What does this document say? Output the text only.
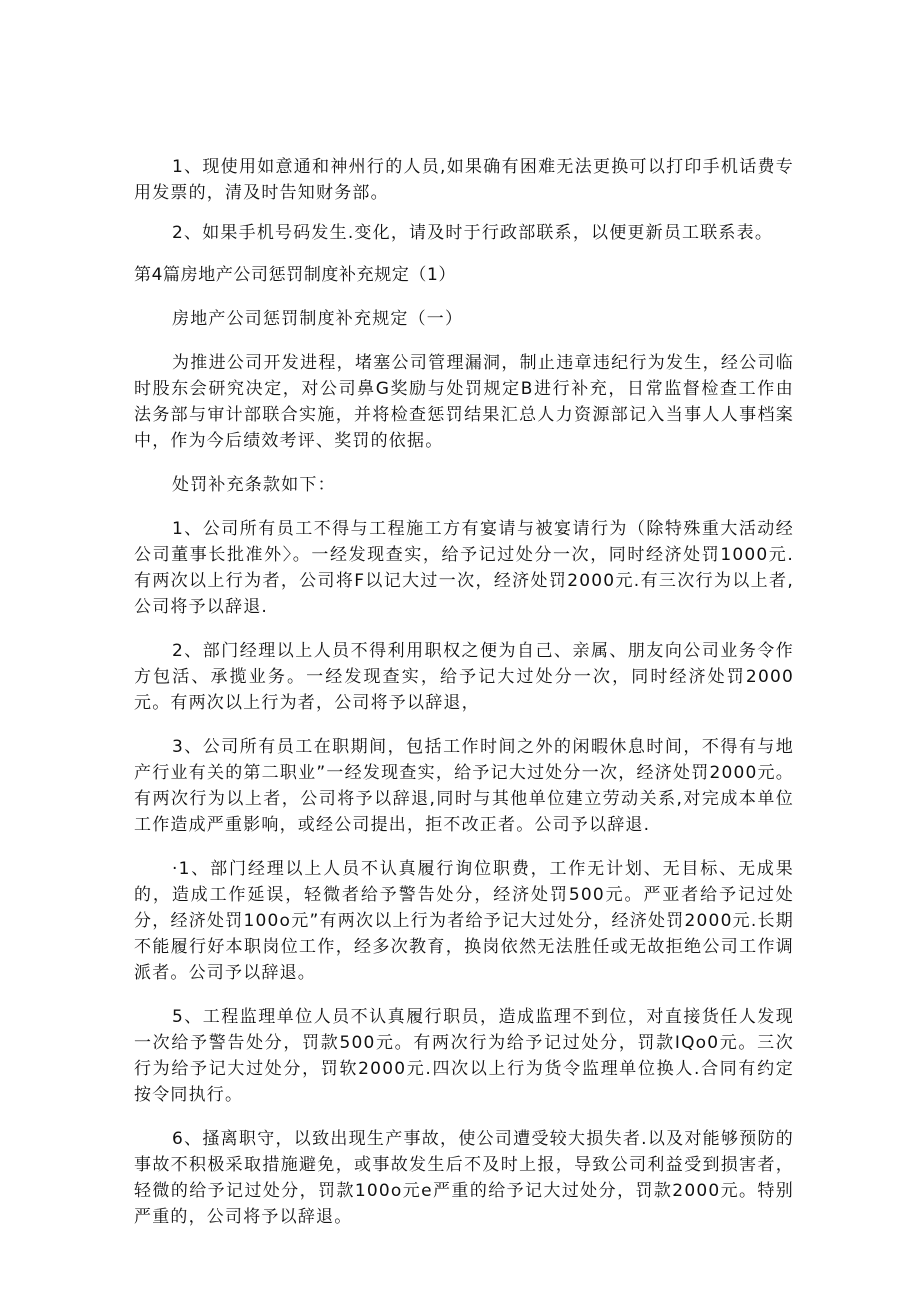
1、现使用如意通和神州行的人员,如果确有困难无法更换可以打印手机话费专用发票的，清及时告知财务部。

2、如果手机号码发生.变化，请及时于行政部联系，以便更新员工联系表。

第4篇房地产公司惩罚制度补充规定（1）

房地产公司惩罚制度补充规定（一）

为推进公司开发进程，堵塞公司管理漏洞，制止违章违纪行为发生，经公司临时股东会研究决定，对公司鼻G奖励与处罚规定B进行补充，日常监督检查工作由法务部与审计部联合实施，并将检查惩罚结果汇总人力资源部记入当事人人事档案中，作为今后绩效考评、奖罚的依据。

处罚补充条款如下：

1、公司所有员工不得与工程施工方有宴请与被宴请行为（除特殊重大活动经公司董事长批准外〉。一经发现查实，给予记过处分一次，同时经济处罚1000元.有两次以上行为者，公司将F以记大过一次，经济处罚2000元.有三次行为以上者,公司将予以辞退.

2、部门经理以上人员不得利用职权之便为自己、亲属、朋友向公司业务令作方包活、承揽业务。一经发现查实，给予记大过处分一次，同时经济处罚2000元。有两次以上行为者，公司将予以辞退，

3、公司所有员工在职期间，包括工作时间之外的闲暇休息时间，不得有与地产行业有关的第二职业”一经发现查实，给予记大过处分一次，经济处罚2000元。有两次行为以上者，公司将予以辞退,同时与其他单位建立劳动关系,对完成本单位工作造成严重影响，或经公司提出，拒不改正者。公司予以辞退.

·1、部门经理以上人员不认真履行询位职费，工作无计划、无目标、无成果的，造成工作延误，轻微者给予警告处分，经济处罚500元。严亚者给予记过处分，经济处罚100o元”有两次以上行为者给予记大过处分，经济处罚2000元.长期不能履行好本职岗位工作，经多次教育，换岗依然无法胜任或无故拒绝公司工作调派者。公司予以辞退。

5、工程监理单位人员不认真履行职员，造成监理不到位，对直接货任人发现一次给予警告处分，罚款500元。有两次行为给予记过处分，罚款IQo0元。三次行为给予记大过处分，罚软2000元.四次以上行为货令监理单位换人.合同有约定按令同执行。

6、搔离职守，以致出现生产事故，使公司遭受较大损失者.以及对能够预防的事故不积极采取措施避免，或事故发生后不及时上报，导致公司利益受到损害者，轻微的给予记过处分，罚款100o元e严重的给予记大过处分，罚款2000元。特别严重的，公司将予以辞退。
